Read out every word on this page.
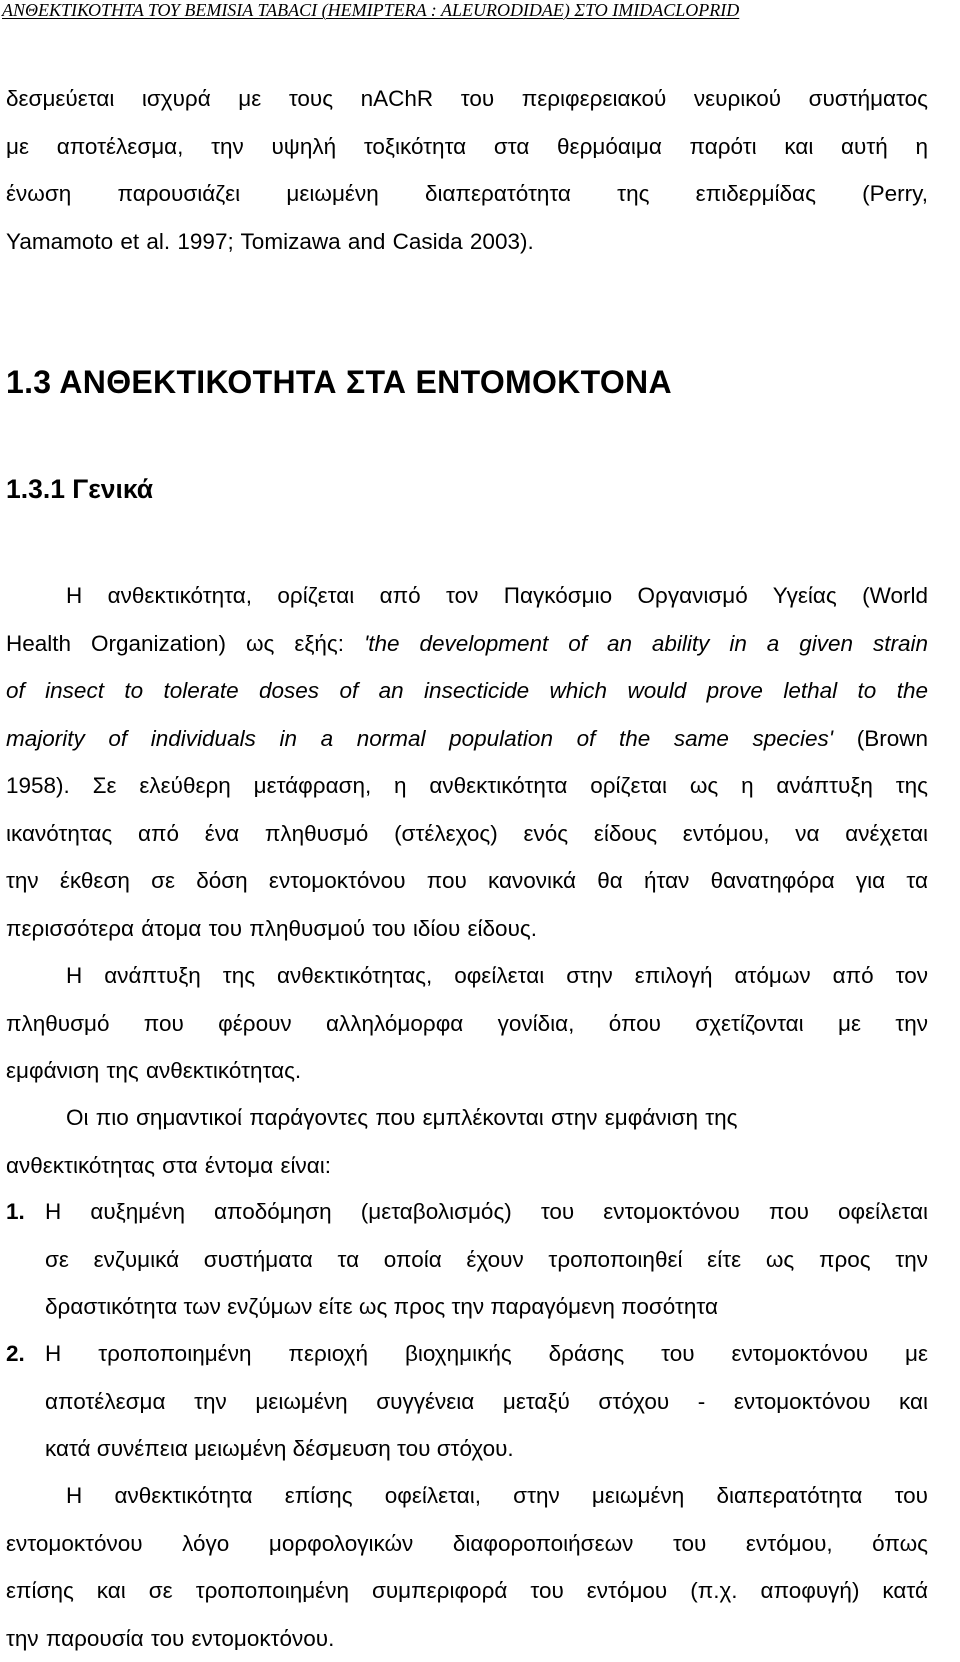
ΑΝΘΕΚΤΙΚΟΤΗΤΑ ΤΟΥ BEMISIA TABACI (HEMIPTERA : ALEURODIDAE) ΣΤΟ IMIDACLOPRID
δεσμεύεται ισχυρά με τους nAChR του περιφερειακού νευρικού συστήματος
με αποτέλεσμα, την υψηλή τοξικότητα στα θερμόαιμα παρότι και αυτή η
ένωση παρουσιάζει μειωμένη διαπερατότητα της επιδερμίδας (Perry,
Yamamoto et al. 1997; Tomizawa and Casida 2003).
1.3 ΑΝΘΕΚΤΙΚΟΤΗΤΑ ΣΤΑ ΕΝΤΟΜΟΚΤΟΝΑ
1.3.1 Γενικά
Η ανθεκτικότητα, ορίζεται από τον Παγκόσμιο Οργανισμό Υγείας (World
Health Organization) ως εξής: 'the development of an ability in a given strain
of insect to tolerate doses of an insecticide which would prove lethal to the
majority of individuals in a normal population of the same species' (Brown
1958). Σε ελεύθερη μετάφραση, η ανθεκτικότητα ορίζεται ως η ανάπτυξη της
ικανότητας από ένα πληθυσμό (στέλεχος) ενός είδους εντόμου, να ανέχεται
την έκθεση σε δόση εντομοκτόνου που κανονικά θα ήταν θανατηφόρα για τα
περισσότερα άτομα του πληθυσμού του ιδίου είδους.
Η ανάπτυξη της ανθεκτικότητας, οφείλεται στην επιλογή ατόμων από τον
πληθυσμό που φέρουν αλληλόμορφα γονίδια, όπου σχετίζονται με την
εμφάνιση της ανθεκτικότητας.
Οι πιο σημαντικοί παράγοντες που εμπλέκονται στην εμφάνιση της
ανθεκτικότητας στα έντομα είναι:
1. Η αυξημένη αποδόμηση (μεταβολισμός) του εντομοκτόνου που οφείλεται
σε ενζυμικά συστήματα τα οποία έχουν τροποποιηθεί είτε ως προς την
δραστικότητα των ενζύμων είτε ως προς την παραγόμενη ποσότητα
2. Η τροποποιημένη περιοχή βιοχημικής δράσης του εντομοκτόνου με
αποτέλεσμα την μειωμένη συγγένεια μεταξύ στόχου - εντομοκτόνου και
κατά συνέπεια μειωμένη δέσμευση του στόχου.
Η ανθεκτικότητα επίσης οφείλεται, στην μειωμένη διαπερατότητα του
εντομοκτόνου λόγο μορφολογικών διαφοροποιήσεων του εντόμου, όπως
επίσης και σε τροποποιημένη συμπεριφορά του εντόμου (π.χ. αποφυγή) κατά
την παρουσία του εντομοκτόνου.
